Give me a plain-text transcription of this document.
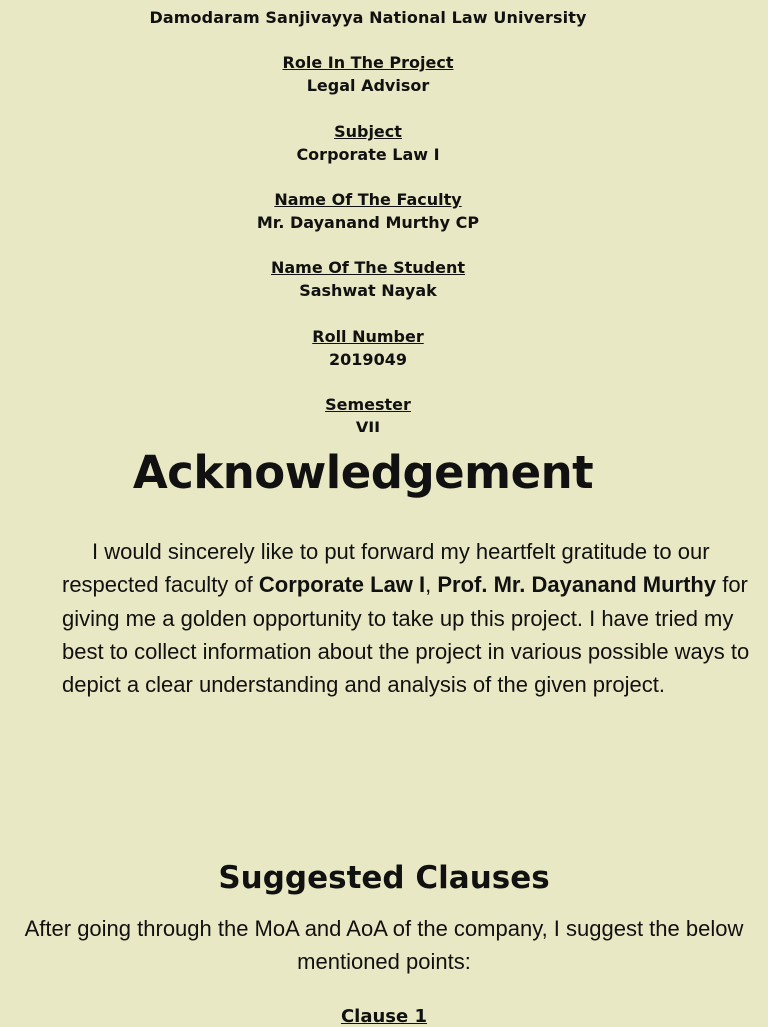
Damodaram Sanjivayya National Law University
Role In The Project
Legal Advisor
Subject
Corporate Law I
Name Of The Faculty
Mr. Dayanand Murthy CP
Name Of The Student
Sashwat Nayak
Roll Number
2019049
Semester
VII
Acknowledgement

I would sincerely like to put forward my heartfelt gratitude to our respected faculty of Corporate Law I, Prof. Mr. Dayanand Murthy for giving me a golden opportunity to take up this project. I have tried my best to collect information about the project in various possible ways to depict a clear understanding and analysis of the given project.

Suggested Clauses

After going through the MoA and AoA of the company, I suggest the below mentioned points:

Clause 1
